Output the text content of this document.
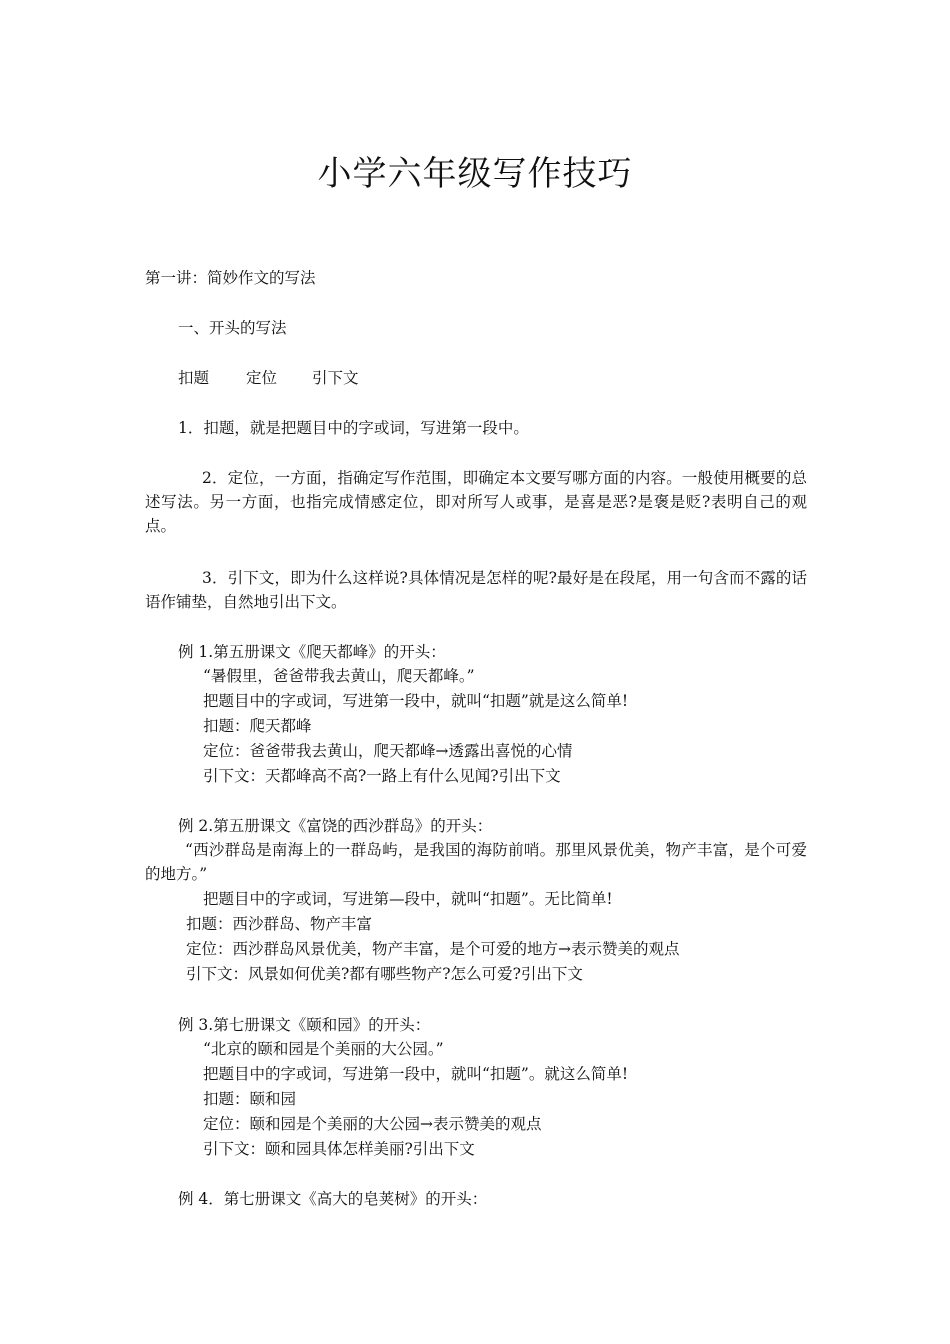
小学六年级写作技巧
第一讲：简妙作文的写法
一、开头的写法
扣题 定位 引下文
1．扣题，就是把题目中的字或词，写进第一段中。
2．定位，一方面，指确定写作范围，即确定本文要写哪方面的内容。一般使用概要的总述写法。另一方面，也指完成情感定位，即对所写人或事，是喜是恶?是褒是贬?表明自己的观点。
3．引下文，即为什么这样说?具体情况是怎样的呢?最好是在段尾，用一句含而不露的话语作铺垫，自然地引出下文。
例 1.第五册课文《爬天都峰》的开头：
“暑假里，爸爸带我去黄山，爬天都峰。”
把题目中的字或词，写进第一段中，就叫“扣题”就是这么简单!
扣题：爬天都峰
定位：爸爸带我去黄山，爬天都峰→透露出喜悦的心情
引下文：天都峰高不高?一路上有什么见闻?引出下文
例 2.第五册课文《富饶的西沙群岛》的开头：
“西沙群岛是南海上的一群岛屿，是我国的海防前哨。那里风景优美，物产丰富，是个可爱的地方。”
把题目中的字或词，写进第—段中，就叫“扣题”。无比简单!
扣题：西沙群岛、物产丰富
定位：西沙群岛风景优美，物产丰富，是个可爱的地方→表示赞美的观点
引下文：风景如何优美?都有哪些物产?怎么可爱?引出下文
例 3.第七册课文《颐和园》的开头：
“北京的颐和园是个美丽的大公园。”
把题目中的字或词，写进第一段中，就叫“扣题”。就这么简单!
扣题：颐和园
定位：颐和园是个美丽的大公园→表示赞美的观点
引下文：颐和园具体怎样美丽?引出下文
例 4．第七册课文《高大的皂荚树》的开头：
